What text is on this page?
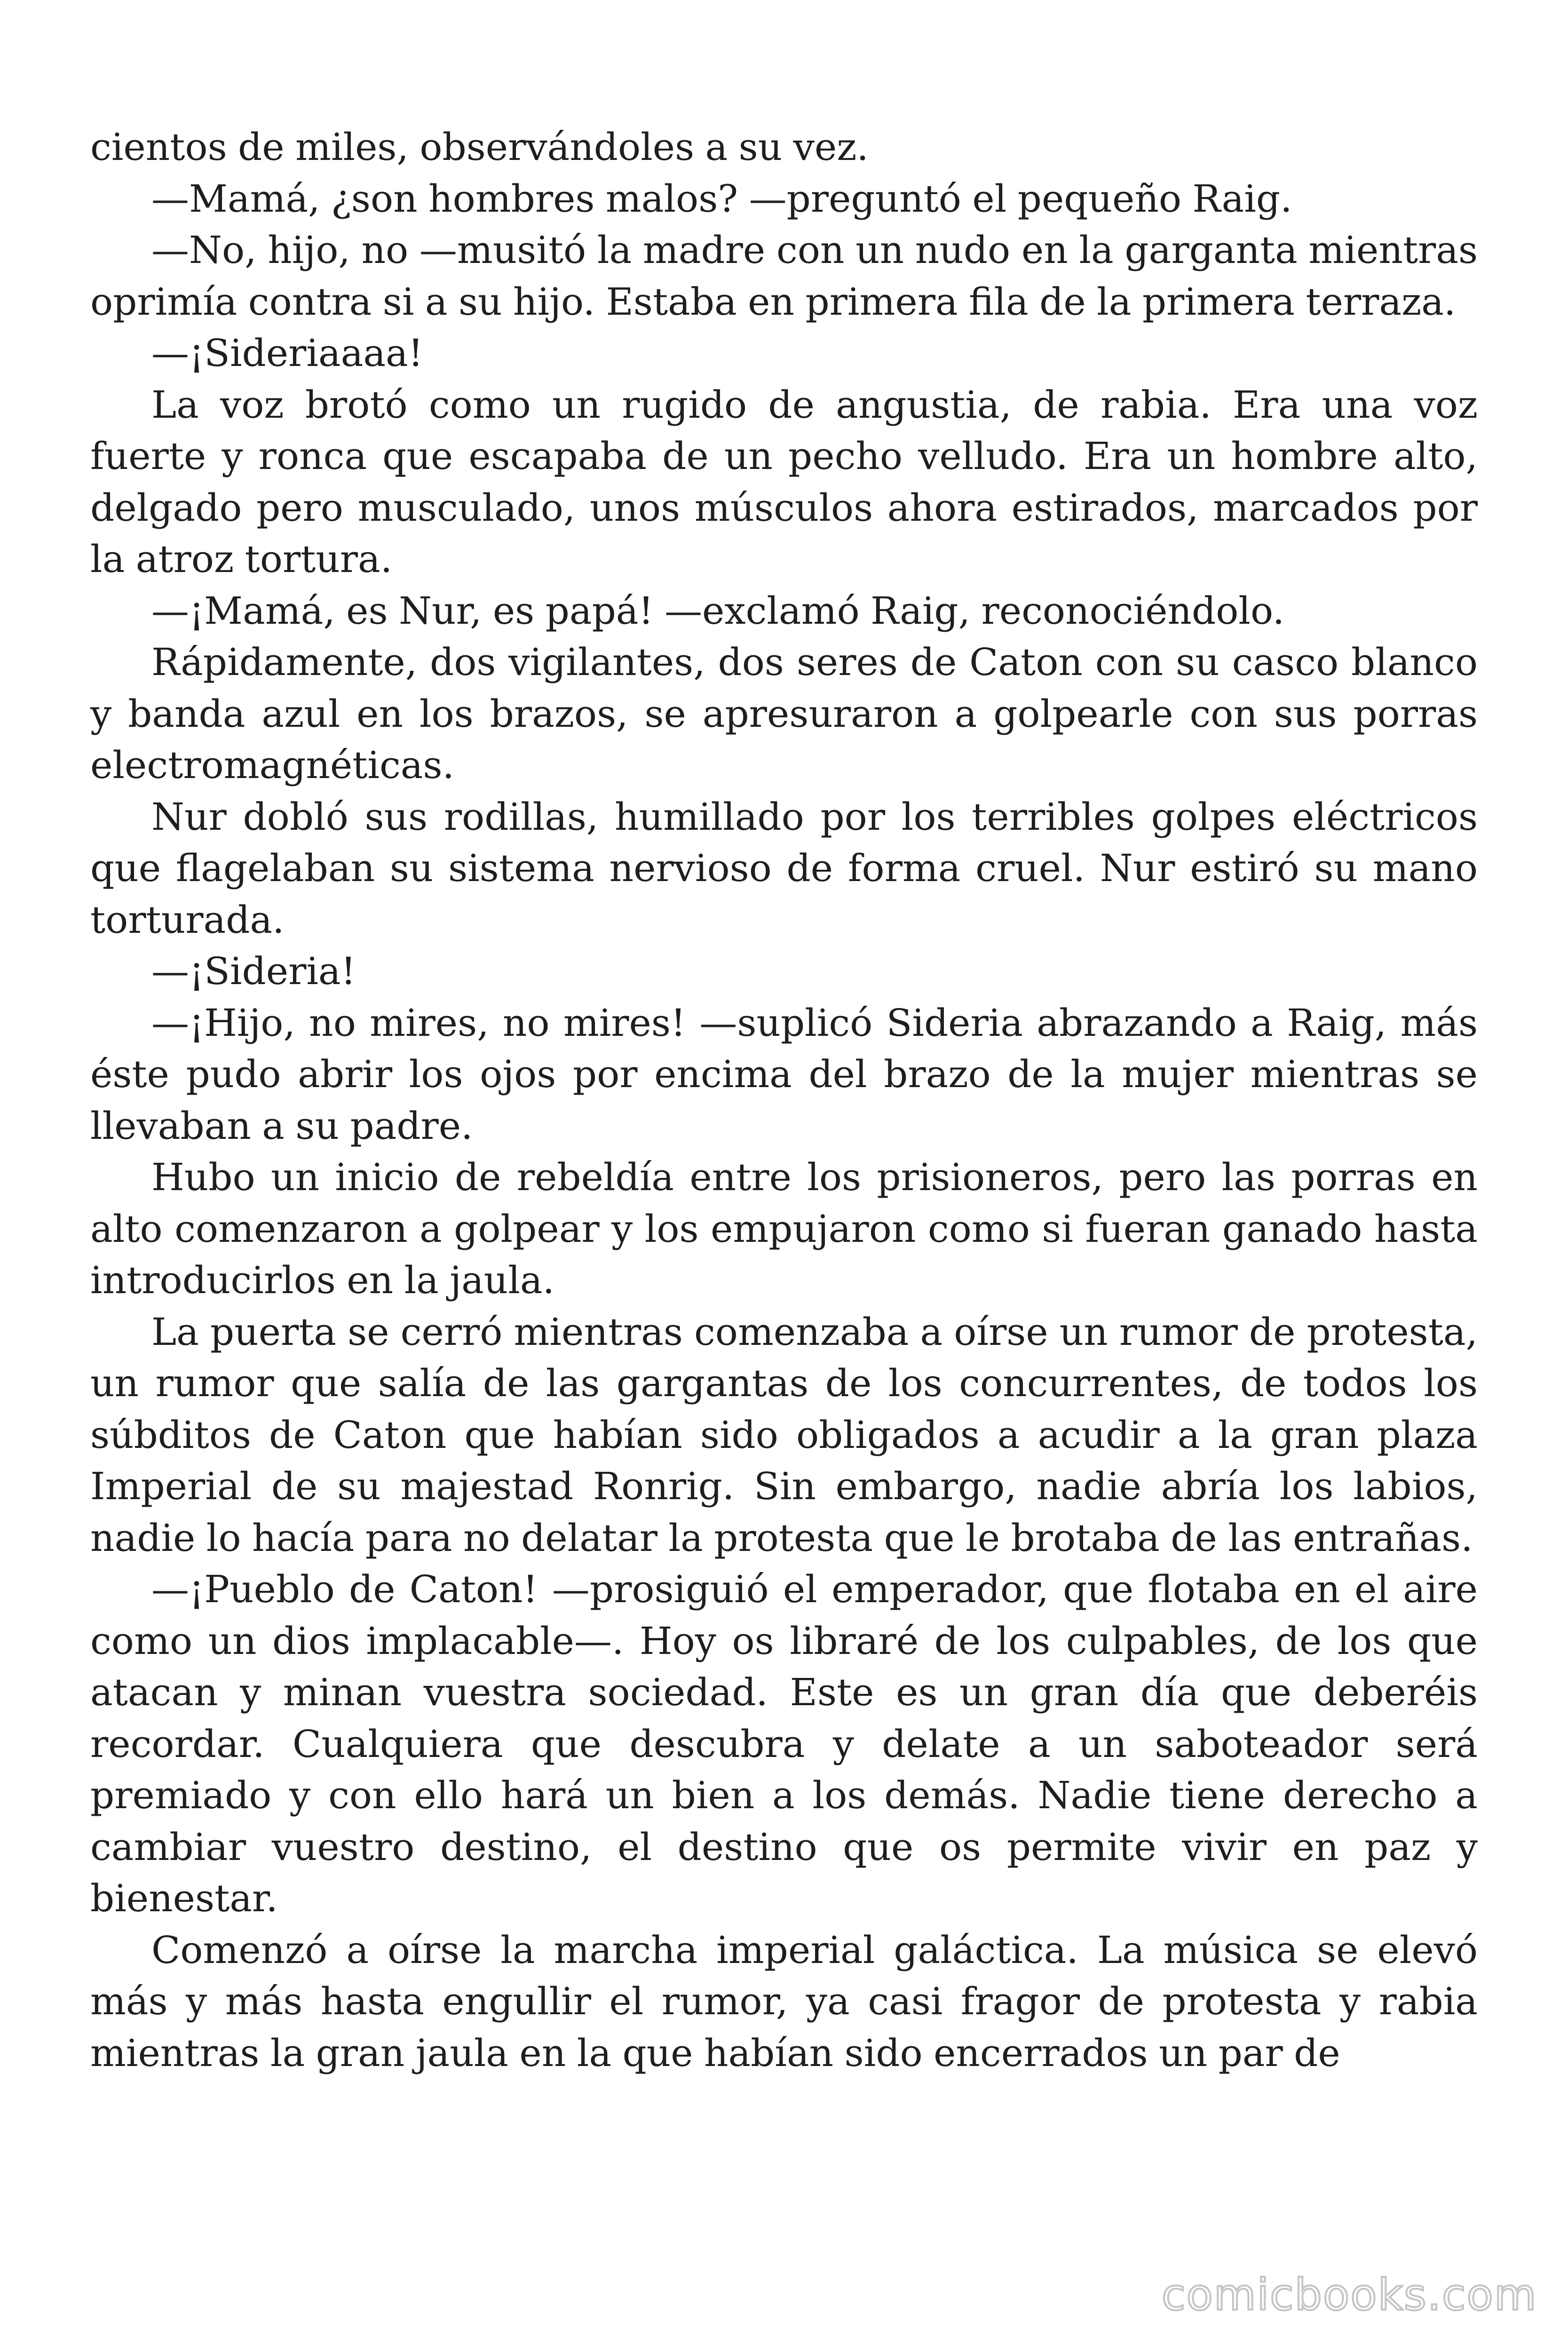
cientos de miles, observándoles a su vez.

—Mamá, ¿son hombres malos? —preguntó el pequeño Raig.

—No, hijo, no —musitó la madre con un nudo en la garganta mientras oprimía contra si a su hijo. Estaba en primera fila de la primera terraza.

—¡Sideriaaaa!

La voz brotó como un rugido de angustia, de rabia. Era una voz fuerte y ronca que escapaba de un pecho velludo. Era un hombre alto, delgado pero musculado, unos músculos ahora estirados, marcados por la atroz tortura.

—¡Mamá, es Nur, es papá! —exclamó Raig, reconociéndolo.

Rápidamente, dos vigilantes, dos seres de Caton con su casco blanco y banda azul en los brazos, se apresuraron a golpearle con sus porras electromagnéticas.

Nur dobló sus rodillas, humillado por los terribles golpes eléctricos que flagelaban su sistema nervioso de forma cruel. Nur estiró su mano torturada.

—¡Sideria!

—¡Hijo, no mires, no mires! —suplicó Sideria abrazando a Raig, más éste pudo abrir los ojos por encima del brazo de la mujer mientras se llevaban a su padre.

Hubo un inicio de rebeldía entre los prisioneros, pero las porras en alto comenzaron a golpear y los empujaron como si fueran ganado hasta introducirlos en la jaula.

La puerta se cerró mientras comenzaba a oírse un rumor de protesta, un rumor que salía de las gargantas de los concurrentes, de todos los súbditos de Caton que habían sido obligados a acudir a la gran plaza Imperial de su majestad Ronrig. Sin embargo, nadie abría los labios, nadie lo hacía para no delatar la protesta que le brotaba de las entrañas.

—¡Pueblo de Caton! —prosiguió el emperador, que flotaba en el aire como un dios implacable—. Hoy os libraré de los culpables, de los que atacan y minan vuestra sociedad. Este es un gran día que deberéis recordar. Cualquiera que descubra y delate a un saboteador será premiado y con ello hará un bien a los demás. Nadie tiene derecho a cambiar vuestro destino, el destino que os permite vivir en paz y bienestar.

Comenzó a oírse la marcha imperial galáctica. La música se elevó más y más hasta engullir el rumor, ya casi fragor de protesta y rabia mientras la gran jaula en la que habían sido encerrados un par de

comicbooks.com
